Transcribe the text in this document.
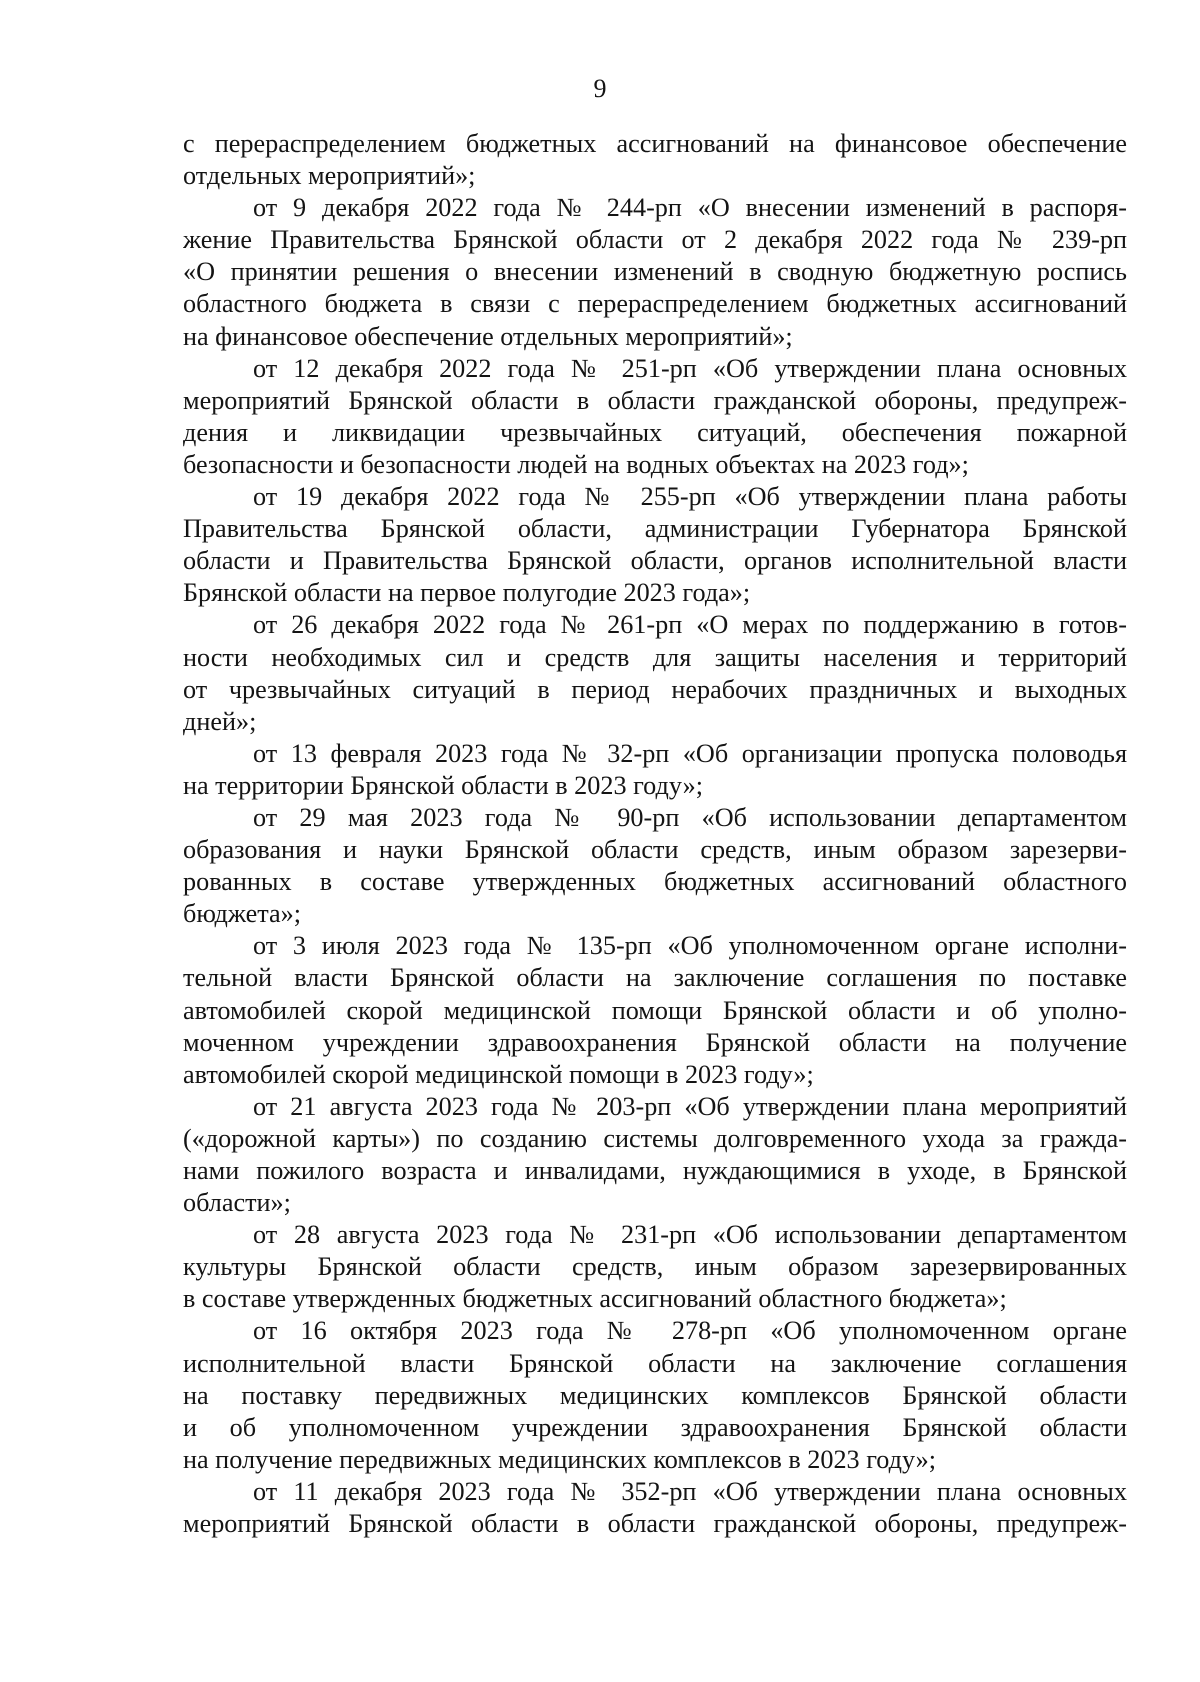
9
с перераспределением бюджетных ассигнований на финансовое обеспечение
отдельных мероприятий»;
от 9 декабря 2022 года № 244-рп «О внесении изменений в распоря-
жение Правительства Брянской области от 2 декабря 2022 года № 239-рп
«О принятии решения о внесении изменений в сводную бюджетную роспись
областного бюджета в связи с перераспределением бюджетных ассигнований
на финансовое обеспечение отдельных мероприятий»;
от 12 декабря 2022 года № 251-рп «Об утверждении плана основных
мероприятий Брянской области в области гражданской обороны, предупреж-
дения и ликвидации чрезвычайных ситуаций, обеспечения пожарной
безопасности и безопасности людей на водных объектах на 2023 год»;
от 19 декабря 2022 года № 255-рп «Об утверждении плана работы
Правительства Брянской области, администрации Губернатора Брянской
области и Правительства Брянской области, органов исполнительной власти
Брянской области на первое полугодие 2023 года»;
от 26 декабря 2022 года № 261-рп «О мерах по поддержанию в готов-
ности необходимых сил и средств для защиты населения и территорий
от чрезвычайных ситуаций в период нерабочих праздничных и выходных
дней»;
от 13 февраля 2023 года № 32-рп «Об организации пропуска половодья
на территории Брянской области в 2023 году»;
от 29 мая 2023 года № 90-рп «Об использовании департаментом
образования и науки Брянской области средств, иным образом зарезерви-
рованных в составе утвержденных бюджетных ассигнований областного
бюджета»;
от 3 июля 2023 года № 135-рп «Об уполномоченном органе исполни-
тельной власти Брянской области на заключение соглашения по поставке
автомобилей скорой медицинской помощи Брянской области и об уполно-
моченном учреждении здравоохранения Брянской области на получение
автомобилей скорой медицинской помощи в 2023 году»;
от 21 августа 2023 года № 203-рп «Об утверждении плана мероприятий
(«дорожной карты») по созданию системы долговременного ухода за гражда-
нами пожилого возраста и инвалидами, нуждающимися в уходе, в Брянской
области»;
от 28 августа 2023 года № 231-рп «Об использовании департаментом
культуры Брянской области средств, иным образом зарезервированных
в составе утвержденных бюджетных ассигнований областного бюджета»;
от 16 октября 2023 года № 278-рп «Об уполномоченном органе
исполнительной власти Брянской области на заключение соглашения
на поставку передвижных медицинских комплексов Брянской области
и об уполномоченном учреждении здравоохранения Брянской области
на получение передвижных медицинских комплексов в 2023 году»;
от 11 декабря 2023 года № 352-рп «Об утверждении плана основных
мероприятий Брянской области в области гражданской обороны, предупреж-
